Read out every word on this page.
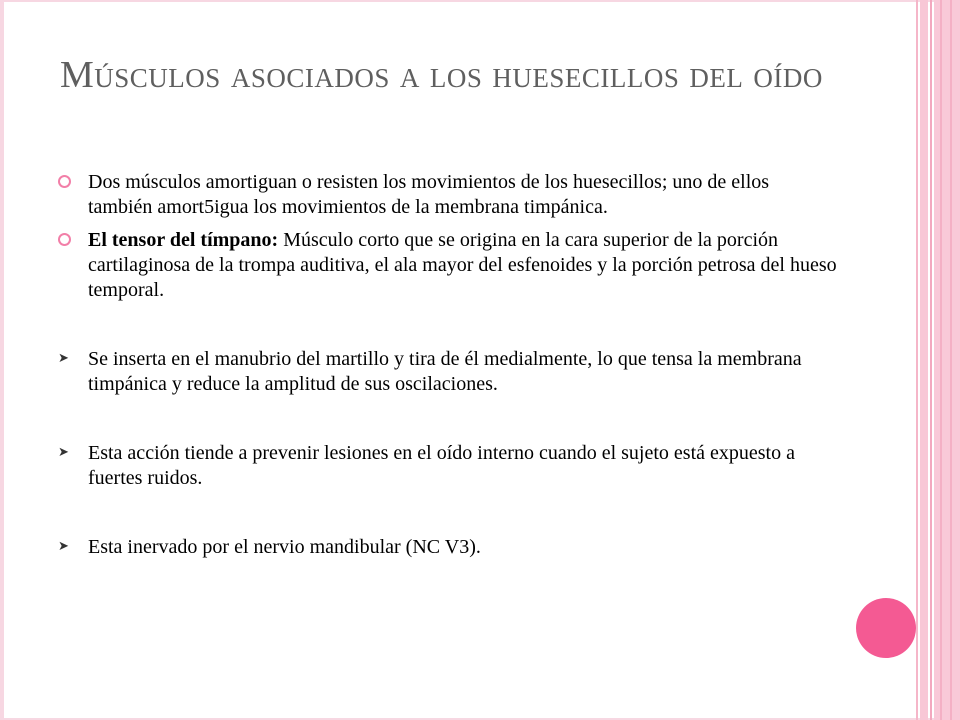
Músculos asociados a los huesecillos del oído
Dos músculos amortiguan o resisten los movimientos de los huesecillos; uno de ellos también amort5igua los movimientos de la membrana timpánica.
El tensor del tímpano: Músculo corto que se origina en la cara superior de la porción cartilaginosa de la trompa auditiva, el ala mayor del esfenoides y la porción petrosa del hueso temporal.
➤ Se inserta en el manubrio del martillo y tira de él medialmente, lo que tensa la membrana timpánica y reduce la amplitud de sus oscilaciones.
➤ Esta acción tiende a prevenir lesiones en el oído interno cuando el sujeto está expuesto a fuertes ruidos.
➤ Esta inervado por el nervio mandibular (NC V3).
